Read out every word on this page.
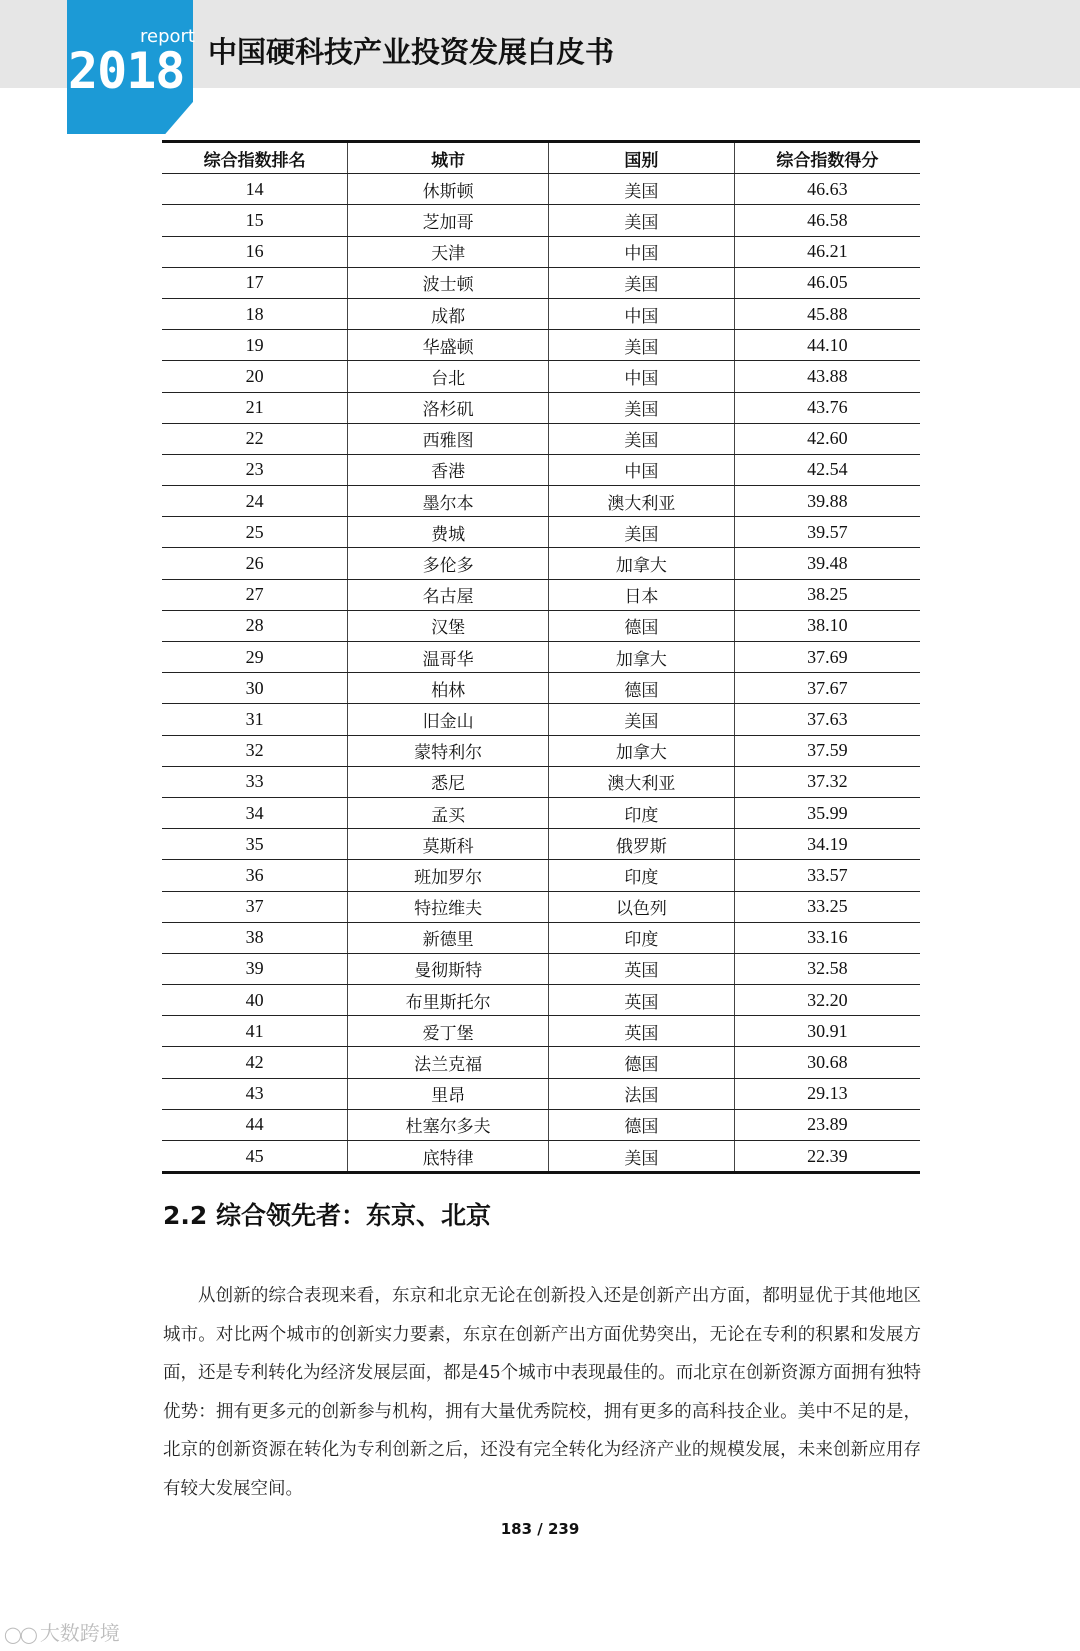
report
2018 中国硬科技产业投资发展白皮书
综合指数排名	城市	国别	综合指数得分
14	休斯顿	美国	46.63
15	芝加哥	美国	46.58
16	天津	中国	46.21
17	波士顿	美国	46.05
18	成都	中国	45.88
19	华盛顿	美国	44.10
20	台北	中国	43.88
21	洛杉矶	美国	43.76
22	西雅图	美国	42.60
23	香港	中国	42.54
24	墨尔本	澳大利亚	39.88
25	费城	美国	39.57
26	多伦多	加拿大	39.48
27	名古屋	日本	38.25
28	汉堡	德国	38.10
29	温哥华	加拿大	37.69
30	柏林	德国	37.67
31	旧金山	美国	37.63
32	蒙特利尔	加拿大	37.59
33	悉尼	澳大利亚	37.32
34	孟买	印度	35.99
35	莫斯科	俄罗斯	34.19
36	班加罗尔	印度	33.57
37	特拉维夫	以色列	33.25
38	新德里	印度	33.16
39	曼彻斯特	英国	32.58
40	布里斯托尔	英国	32.20
41	爱丁堡	英国	30.91
42	法兰克福	德国	30.68
43	里昂	法国	29.13
44	杜塞尔多夫	德国	23.89
45	底特律	美国	22.39
2.2 综合领先者：东京、北京

从创新的综合表现来看，东京和北京无论在创新投入还是创新产出方面，都明显优于其他地区城市。对比两个城市的创新实力要素，东京在创新产出方面优势突出，无论在专利的积累和发展方面，还是专利转化为经济发展层面，都是45个城市中表现最佳的。而北京在创新资源方面拥有独特优势：拥有更多元的创新参与机构，拥有大量优秀院校，拥有更多的高科技企业。美中不足的是，北京的创新资源在转化为专利创新之后，还没有完全转化为经济产业的规模发展，未来创新应用存有较大发展空间。

183 / 239
◯◯ 大数跨境
